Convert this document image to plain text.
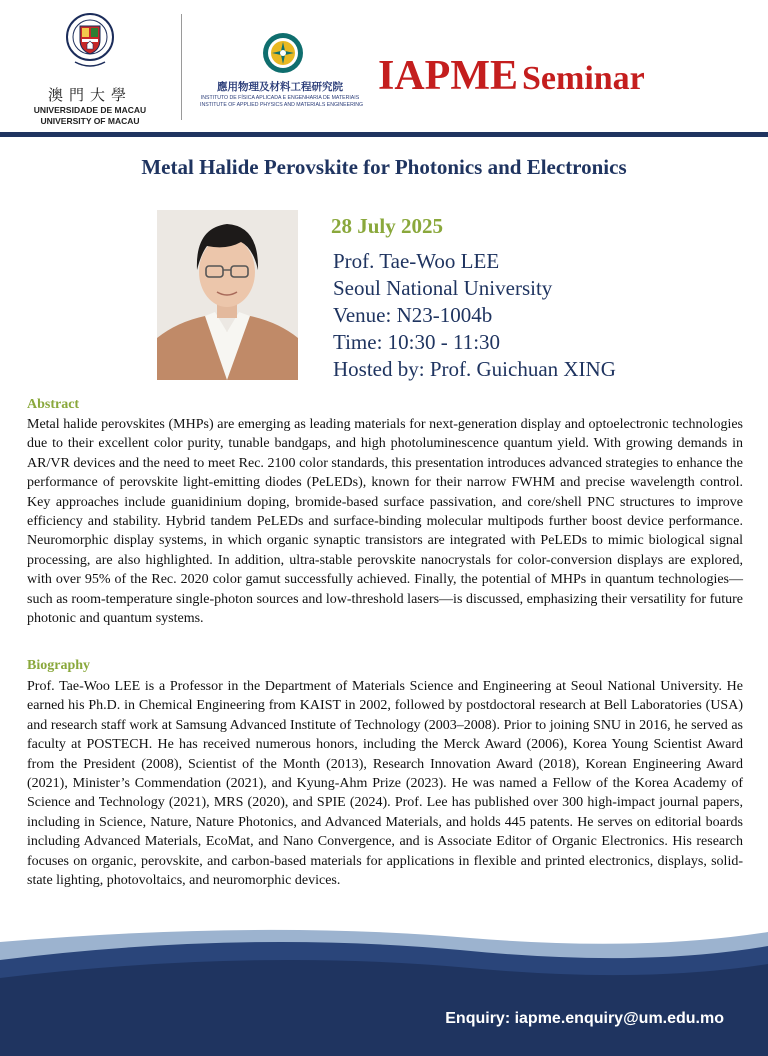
澳門大學
UNIVERSIDADE DE MACAU
UNIVERSITY OF MACAU
應用物理及材料工程研究院
INSTITUTO DE FÍSICA APLICADA E ENGENHARIA DE MATERIAIS
INSTITUTE OF APPLIED PHYSICS AND MATERIALS ENGINEERING
IAPME Seminar
Metal Halide Perovskite for Photonics and Electronics
28 July 2025
Prof. Tae-Woo LEE
Seoul National University
Venue: N23-1004b
Time: 10:30 - 11:30
Hosted by: Prof. Guichuan XING
Abstract
Metal halide perovskites (MHPs) are emerging as leading materials for next-generation display and optoelectronic technologies due to their excellent color purity, tunable bandgaps, and high photoluminescence quantum yield. With growing demands in AR/VR devices and the need to meet Rec. 2100 color standards, this presentation introduces advanced strategies to enhance the performance of perovskite light-emitting diodes (PeLEDs), known for their narrow FWHM and precise wavelength control. Key approaches include guanidinium doping, bromide-based surface passivation, and core/shell PNC structures to improve efficiency and stability. Hybrid tandem PeLEDs and surface-binding molecular multipods further boost device performance. Neuromorphic display systems, in which organic synaptic transistors are integrated with PeLEDs to mimic biological signal processing, are also highlighted. In addition, ultra-stable perovskite nanocrystals for color-conversion displays are explored, with over 95% of the Rec. 2020 color gamut successfully achieved. Finally, the potential of MHPs in quantum technologies—such as room-temperature single-photon sources and low-threshold lasers—is discussed, emphasizing their versatility for future photonic and quantum systems.
Biography
Prof. Tae-Woo LEE is a Professor in the Department of Materials Science and Engineering at Seoul National University. He earned his Ph.D. in Chemical Engineering from KAIST in 2002, followed by postdoctoral research at Bell Laboratories (USA) and research staff work at Samsung Advanced Institute of Technology (2003–2008). Prior to joining SNU in 2016, he served as faculty at POSTECH. He has received numerous honors, including the Merck Award (2006), Korea Young Scientist Award from the President (2008), Scientist of the Month (2013), Research Innovation Award (2018), Korean Engineering Award (2021), Minister’s Commendation (2021), and Kyung-Ahm Prize (2023). He was named a Fellow of the Korea Academy of Science and Technology (2021), MRS (2020), and SPIE (2024). Prof. Lee has published over 300 high-impact journal papers, including in Science, Nature, Nature Photonics, and Advanced Materials, and holds 445 patents. He serves on editorial boards including Advanced Materials, EcoMat, and Nano Convergence, and is Associate Editor of Organic Electronics. His research focuses on organic, perovskite, and carbon-based materials for applications in flexible and printed electronics, displays, solid-state lighting, photovoltaics, and neuromorphic devices.
Enquiry: iapme.enquiry@um.edu.mo
